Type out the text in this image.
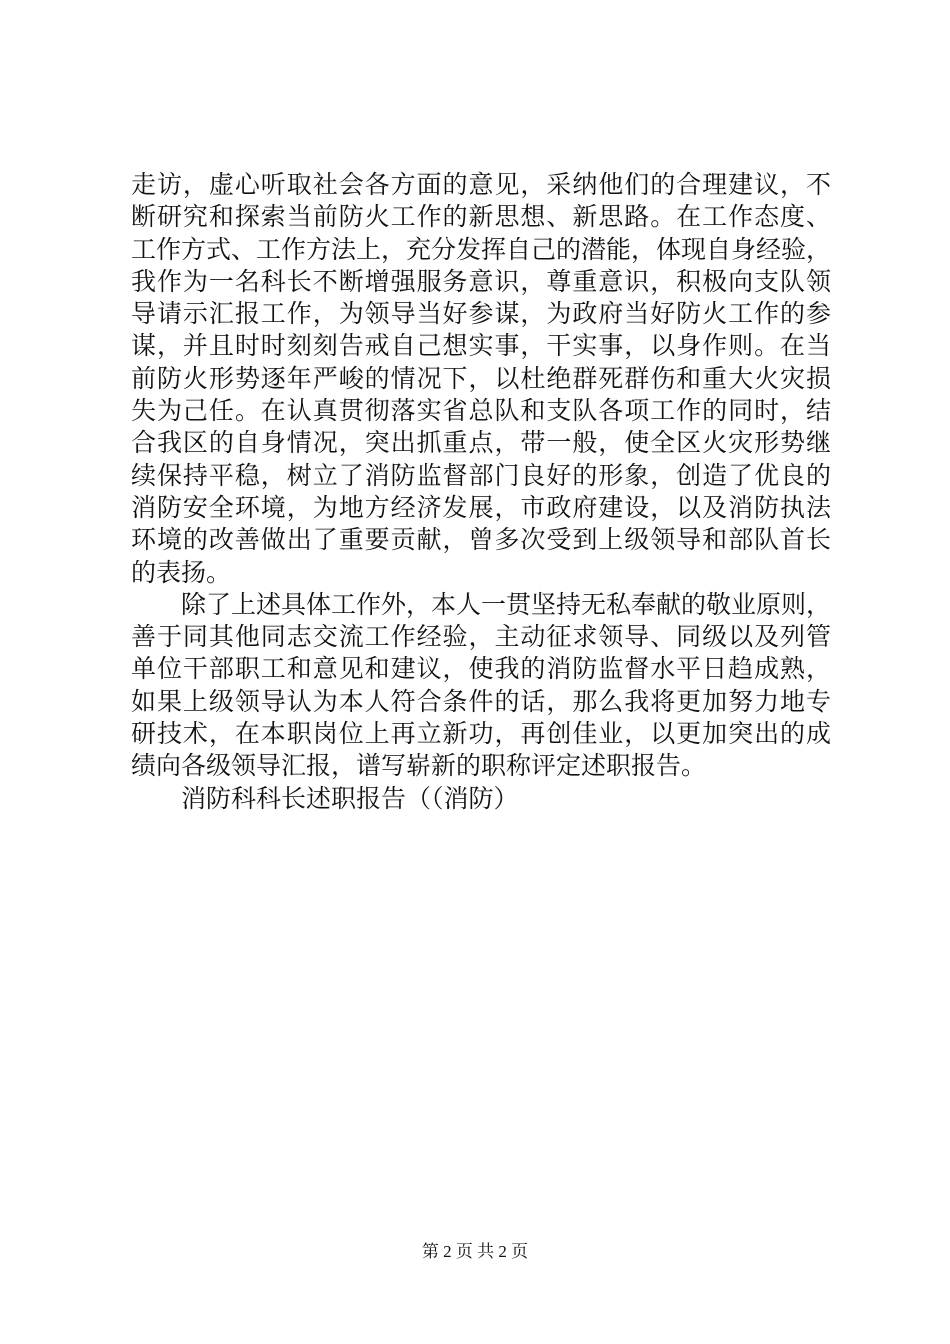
走访，虚心听取社会各方面的意见，采纳他们的合理建议，不
断研究和探索当前防火工作的新思想、新思路。在工作态度、
工作方式、工作方法上，充分发挥自己的潜能，体现自身经验，
我作为一名科长不断增强服务意识，尊重意识，积极向支队领
导请示汇报工作，为领导当好参谋，为政府当好防火工作的参
谋，并且时时刻刻告戒自己想实事，干实事，以身作则。在当
前防火形势逐年严峻的情况下，以杜绝群死群伤和重大火灾损
失为己任。在认真贯彻落实省总队和支队各项工作的同时，结
合我区的自身情况，突出抓重点，带一般，使全区火灾形势继
续保持平稳，树立了消防监督部门良好的形象，创造了优良的
消防安全环境，为地方经济发展，市政府建设，以及消防执法
环境的改善做出了重要贡献，曾多次受到上级领导和部队首长
的表扬。
除了上述具体工作外，本人一贯坚持无私奉献的敬业原则，
善于同其他同志交流工作经验，主动征求领导、同级以及列管
单位干部职工和意见和建议，使我的消防监督水平日趋成熟，
如果上级领导认为本人符合条件的话，那么我将更加努力地专
研技术，在本职岗位上再立新功，再创佳业，以更加突出的成
绩向各级领导汇报，谱写崭新的职称评定述职报告。
消防科科长述职报告（（消防）
第 2 页 共 2 页
